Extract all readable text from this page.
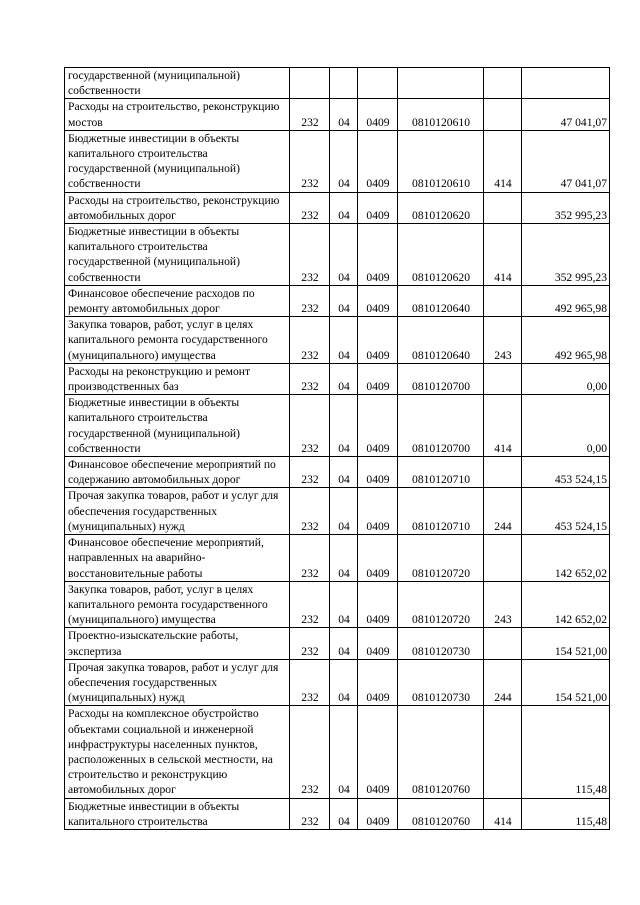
государственной (муниципальной) собственности						
Расходы на строительство, реконструкцию мостов	232	04	0409	0810120610		47 041,07
Бюджетные инвестиции в объекты капитального строительства государственной (муниципальной) собственности	232	04	0409	0810120610	414	47 041,07
Расходы на строительство, реконструкцию автомобильных дорог	232	04	0409	0810120620		352 995,23
Бюджетные инвестиции в объекты капитального строительства государственной (муниципальной) собственности	232	04	0409	0810120620	414	352 995,23
Финансовое обеспечение расходов по ремонту автомобильных дорог	232	04	0409	0810120640		492 965,98
Закупка товаров, работ, услуг в целях капитального ремонта государственного (муниципального) имущества	232	04	0409	0810120640	243	492 965,98
Расходы на реконструкцию и ремонт производственных баз	232	04	0409	0810120700		0,00
Бюджетные инвестиции в объекты капитального строительства государственной (муниципальной) собственности	232	04	0409	0810120700	414	0,00
Финансовое обеспечение мероприятий по содержанию автомобильных дорог	232	04	0409	0810120710		453 524,15
Прочая закупка товаров, работ и услуг для обеспечения государственных (муниципальных) нужд	232	04	0409	0810120710	244	453 524,15
Финансовое обеспечение мероприятий, направленных на аварийно-восстановительные работы	232	04	0409	0810120720		142 652,02
Закупка товаров, работ, услуг в целях капитального ремонта государственного (муниципального) имущества	232	04	0409	0810120720	243	142 652,02
Проектно-изыскательские работы, экспертиза	232	04	0409	0810120730		154 521,00
Прочая закупка товаров, работ и услуг для обеспечения государственных (муниципальных) нужд	232	04	0409	0810120730	244	154 521,00
Расходы на комплексное обустройство объектами социальной и инженерной инфраструктуры населенных пунктов, расположенных в сельской местности, на строительство и реконструкцию автомобильных дорог	232	04	0409	0810120760		115,48
Бюджетные инвестиции в объекты капитального строительства	232	04	0409	0810120760	414	115,48
